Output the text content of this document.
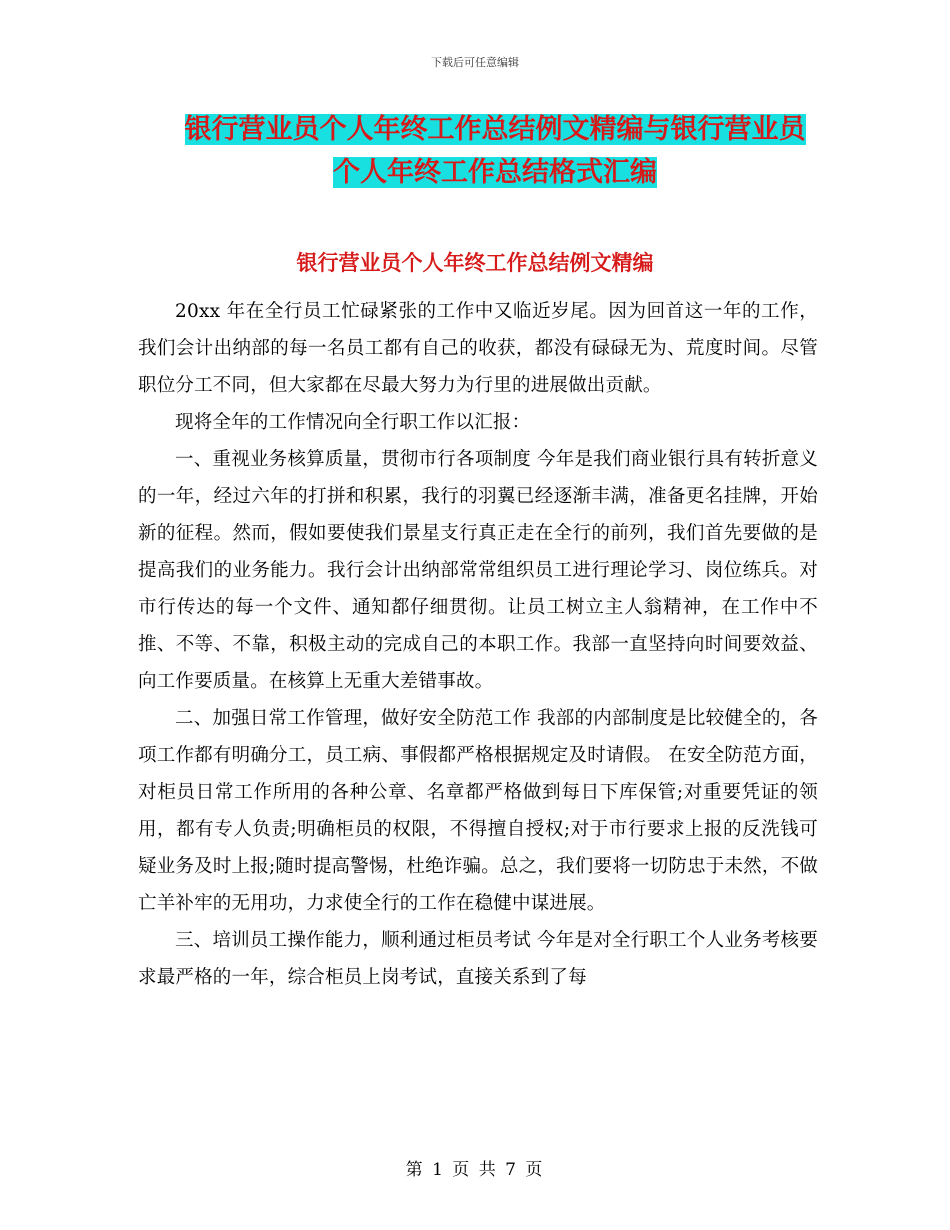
下载后可任意编辑
银行营业员个人年终工作总结例文精编与银行营业员
个人年终工作总结格式汇编
银行营业员个人年终工作总结例文精编

20xx 年在全行员工忙碌紧张的工作中又临近岁尾。因为回首这一年的工作，我们会计出纳部的每一名员工都有自己的收获，都没有碌碌无为、荒度时间。尽管职位分工不同，但大家都在尽最大努力为行里的进展做出贡献。

现将全年的工作情况向全行职工作以汇报：

一、重视业务核算质量，贯彻市行各项制度 今年是我们商业银行具有转折意义的一年，经过六年的打拼和积累，我行的羽翼已经逐渐丰满，准备更名挂牌，开始新的征程。然而，假如要使我们景星支行真正走在全行的前列，我们首先要做的是提高我们的业务能力。我行会计出纳部常常组织员工进行理论学习、岗位练兵。对市行传达的每一个文件、通知都仔细贯彻。让员工树立主人翁精神，在工作中不推、不等、不靠，积极主动的完成自己的本职工作。我部一直坚持向时间要效益、向工作要质量。在核算上无重大差错事故。

二、加强日常工作管理，做好安全防范工作 我部的内部制度是比较健全的，各项工作都有明确分工，员工病、事假都严格根据规定及时请假。 在安全防范方面，对柜员日常工作所用的各种公章、名章都严格做到每日下库保管;对重要凭证的领用，都有专人负责;明确柜员的权限，不得擅自授权;对于市行要求上报的反洗钱可疑业务及时上报;随时提高警惕，杜绝诈骗。总之，我们要将一切防忠于未然，不做亡羊补牢的无用功，力求使全行的工作在稳健中谋进展。

三、培训员工操作能力，顺利通过柜员考试 今年是对全行职工个人业务考核要求最严格的一年，综合柜员上岗考试，直接关系到了每

第 1 页 共 7 页
